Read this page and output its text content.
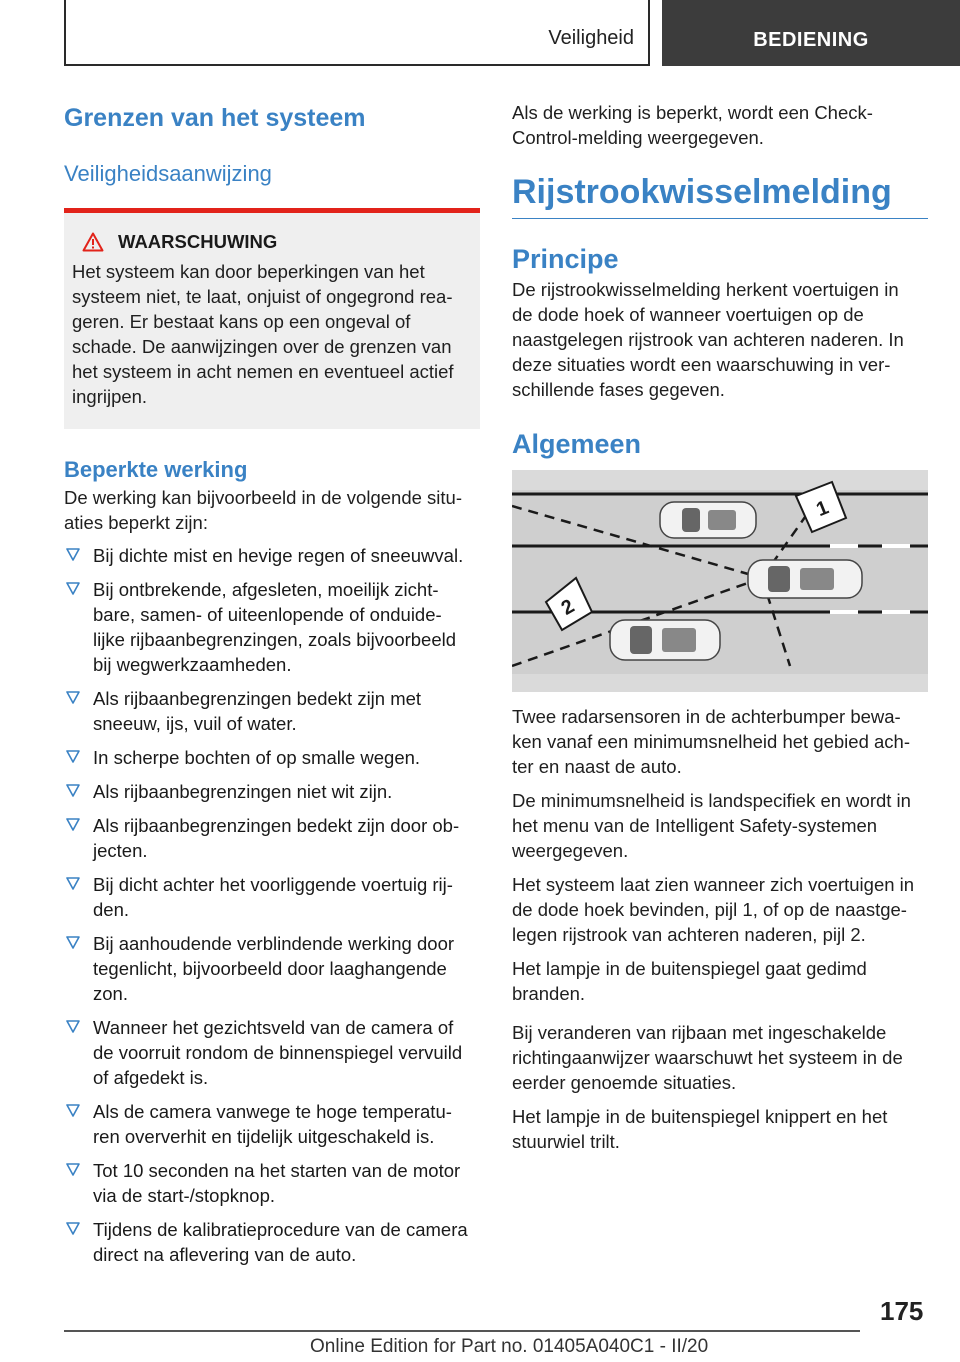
Veiligheid	BEDIENING
Grenzen van het systeem
Veiligheidsaanwijzing
WAARSCHUWING
Het systeem kan door beperkingen van het
systeem niet, te laat, onjuist of ongegrond rea-
geren. Er bestaat kans op een ongeval of
schade. De aanwijzingen over de grenzen van
het systeem in acht nemen en eventueel actief
ingrijpen.
Beperkte werking
De werking kan bijvoorbeeld in de volgende situ-
aties beperkt zijn:
Bij dichte mist en hevige regen of sneeuwval.
Bij ontbrekende, afgesleten, moeilijk zicht-
bare, samen- of uiteenlopende of onduide-
lijke rijbaanbegrenzingen, zoals bijvoorbeeld
bij wegwerkzaamheden.
Als rijbaanbegrenzingen bedekt zijn met
sneeuw, ijs, vuil of water.
In scherpe bochten of op smalle wegen.
Als rijbaanbegrenzingen niet wit zijn.
Als rijbaanbegrenzingen bedekt zijn door ob-
jecten.
Bij dicht achter het voorliggende voertuig rij-
den.
Bij aanhoudende verblindende werking door
tegenlicht, bijvoorbeeld door laaghangende
zon.
Wanneer het gezichtsveld van de camera of
de voorruit rondom de binnenspiegel vervuild
of afgedekt is.
Als de camera vanwege te hoge temperatu-
ren oververhit en tijdelijk uitgeschakeld is.
Tot 10 seconden na het starten van de motor
via de start-/stopknop.
Tijdens de kalibratieprocedure van de camera
direct na aflevering van de auto.
Als de werking is beperkt, wordt een Check-
Control-melding weergegeven.
Rijstrookwisselmelding
Principe
De rijstrookwisselmelding herkent voertuigen in
de dode hoek of wanneer voertuigen op de
naastgelegen rijstrook van achteren naderen. In
deze situaties wordt een waarschuwing in ver-
schillende fases gegeven.
Algemeen
1
2
Twee radarsensoren in de achterbumper bewa-
ken vanaf een minimumsnelheid het gebied ach-
ter en naast de auto.
De minimumsnelheid is landspecifiek en wordt in
het menu van de Intelligent Safety-systemen
weergegeven.
Het systeem laat zien wanneer zich voertuigen in
de dode hoek bevinden, pijl 1, of op de naastge-
legen rijstrook van achteren naderen, pijl 2.
Het lampje in de buitenspiegel gaat gedimd
branden.
Bij veranderen van rijbaan met ingeschakelde
richtingaanwijzer waarschuwt het systeem in de
eerder genoemde situaties.
Het lampje in de buitenspiegel knippert en het
stuurwiel trilt.
175
Online Edition for Part no. 01405A040C1 - II/20
